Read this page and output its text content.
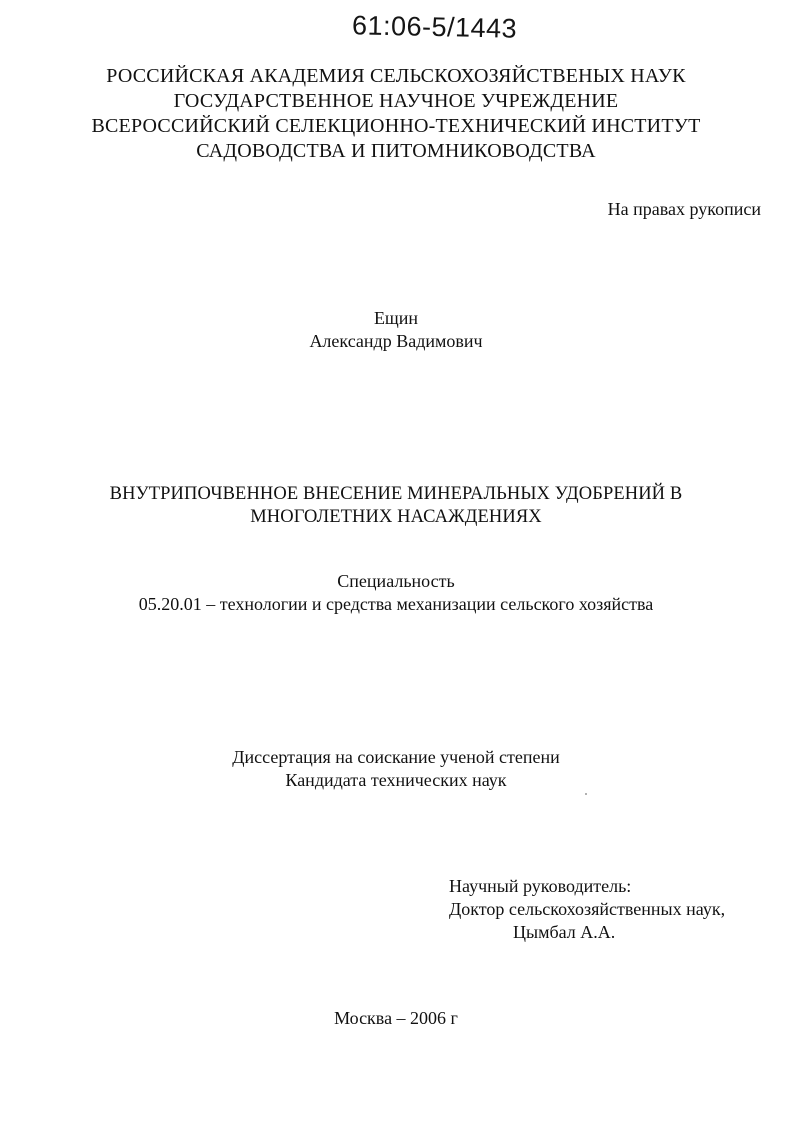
61:06-5/1443
РОССИЙСКАЯ АКАДЕМИЯ СЕЛЬСКОХОЗЯЙСТВЕНЫХ НАУК
ГОСУДАРСТВЕННОЕ НАУЧНОЕ УЧРЕЖДЕНИЕ
ВСЕРОССИЙСКИЙ СЕЛЕКЦИОННО-ТЕХНИЧЕСКИЙ ИНСТИТУТ
САДОВОДСТВА И ПИТОМНИКОВОДСТВА
На правах рукописи
Ещин
Александр Вадимович
ВНУТРИПОЧВЕННОЕ ВНЕСЕНИЕ МИНЕРАЛЬНЫХ УДОБРЕНИЙ В
МНОГОЛЕТНИХ НАСАЖДЕНИЯХ
Специальность
05.20.01 – технологии и средства механизации сельского хозяйства
Диссертация на соискание ученой степени
Кандидата технических наук
Научный руководитель:
Доктор сельскохозяйственных наук,
Цымбал А.А.
Москва – 2006 г
